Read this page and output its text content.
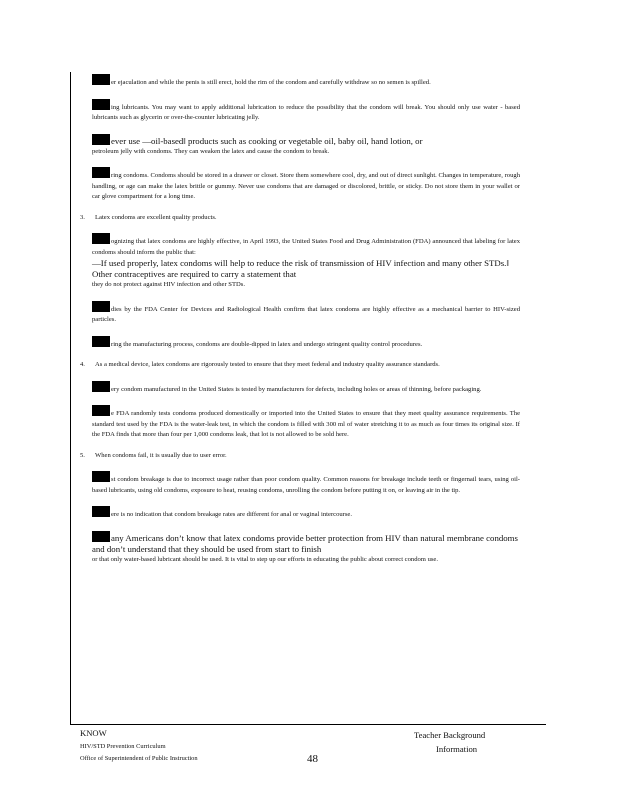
er ejaculation and while the penis is still erect, hold the rim of the condom and carefully withdraw so no semen is spilled.
ing lubricants. You may want to apply additional lubrication to reduce the possibility that the condom will break. You should only use water - based lubricants such as glycerin or over-the-counter lubricating jelly.
ever use —oil-based‖ products such as cooking or vegetable oil, baby oil, hand lotion, or
petroleum jelly with condoms. They can weaken the latex and cause the condom to break.
ring condoms. Condoms should be stored in a drawer or closet. Store them somewhere cool, dry, and out of direct sunlight. Changes in temperature, rough handling, or age can make the latex brittle or gummy. Never use condoms that are damaged or discolored, brittle, or sticky. Do not store them in your wallet or car glove compartment for a long time.
3. Latex condoms are excellent quality products.
ognizing that latex condoms are highly effective, in April 1993, the United States Food and Drug Administration (FDA) announced that labeling for latex condoms should inform the public that:
—If used properly, latex condoms will help to reduce the risk of transmission of HIV infection and many other STDs.‖ Other contraceptives are required to carry a statement that
they do not protect against HIV infection and other STDs.
dies by the FDA Center for Devices and Radiological Health confirm that latex condoms are highly effective as a mechanical barrier to HIV-sized particles.
ring the manufacturing process, condoms are double-dipped in latex and undergo stringent quality control procedures.
4. As a medical device, latex condoms are rigorously tested to ensure that they meet federal and industry quality assurance standards.
ery condom manufactured in the United States is tested by manufacturers for defects, including holes or areas of thinning, before packaging.
e FDA randomly tests condoms produced domestically or imported into the United States to ensure that they meet quality assurance requirements. The standard test used by the FDA is the water-leak test, in which the condom is filled with 300 ml of water stretching it to as much as four times its original size. If the FDA finds that more than four per 1,000 condoms leak, that lot is not allowed to be sold here.
5. When condoms fail, it is usually due to user error.
st condom breakage is due to incorrect usage rather than poor condom quality. Common reasons for breakage include teeth or fingernail tears, using oil-based lubricants, using old condoms, exposure to heat, reusing condoms, unrolling the condom before putting it on, or leaving air in the tip.
ere is no indication that condom breakage rates are different for anal or vaginal intercourse.
any Americans don’t know that latex condoms provide better protection from HIV than natural membrane condoms and don’t understand that they should be used from start to finish
or that only water-based lubricant should be used. It is vital to step up our efforts in educating the public about correct condom use.
KNOW
HIV/STD Prevention Curriculum
Office of Superintendent of Public Instruction	48
Teacher Background
Information
